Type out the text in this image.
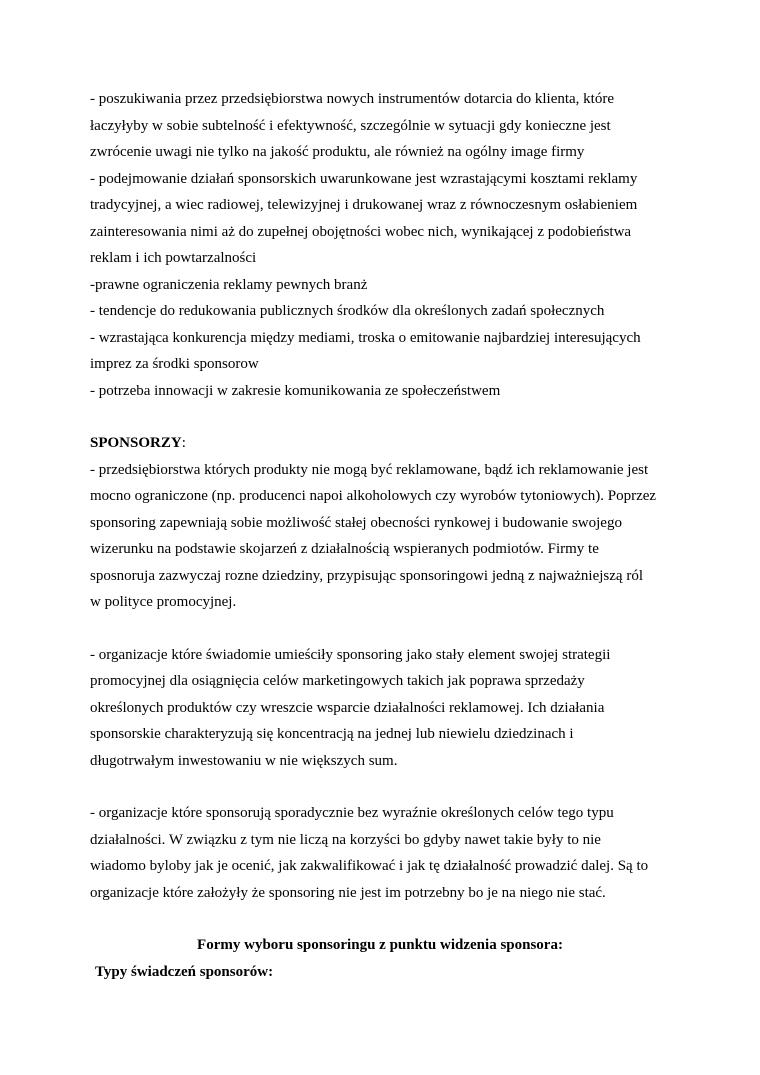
- poszukiwania przez przedsiębiorstwa nowych instrumentów dotarcia do klienta, które
łaczyłyby w sobie subtelność i efektywność, szczególnie w sytuacji gdy konieczne jest
zwrócenie uwagi nie tylko na jakość produktu, ale również na ogólny image firmy
- podejmowanie działań sponsorskich uwarunkowane jest wzrastającymi kosztami reklamy
tradycyjnej, a wiec radiowej, telewizyjnej i drukowanej wraz z równoczesnym osłabieniem
zainteresowania nimi aż do zupełnej obojętności wobec nich, wynikającej z podobieństwa
reklam i ich powtarzalności
-prawne ograniczenia reklamy pewnych branż
- tendencje do redukowania publicznych środków dla określonych zadań społecznych
- wzrastająca konkurencja między mediami, troska o emitowanie najbardziej interesujących
imprez za środki sponsorow
- potrzeba innowacji w zakresie komunikowania ze społeczeństwem
SPONSORZY:
- przedsiębiorstwa których produkty nie mogą być reklamowane, bądź ich reklamowanie jest
mocno ograniczone (np. producenci napoi alkoholowych czy wyrobów tytoniowych). Poprzez
sponsoring zapewniają sobie możliwość stałej obecności rynkowej i budowanie swojego
wizerunku na podstawie skojarzeń z działalnością wspieranych podmiotów. Firmy te
sposnoruja zazwyczaj rozne dziedziny, przypisując sponsoringowi jedną z najważniejszą ról
w polityce promocyjnej.
- organizacje które świadomie umieściły sponsoring jako stały element swojej strategii
promocyjnej dla osiągnięcia celów marketingowych takich jak poprawa sprzedaży
określonych produktów czy wreszcie wsparcie działalności reklamowej. Ich działania
sponsorskie charakteryzują się koncentracją na jednej lub niewielu dziedzinach i
długotrwałym inwestowaniu w nie większych sum.
- organizacje które sponsorują sporadycznie bez wyraźnie określonych celów tego typu
działalności. W związku z tym nie liczą na korzyści bo gdyby nawet takie były to nie
wiadomo byloby jak je ocenić, jak zakwalifikować i jak tę działalność prowadzić dalej. Są to
organizacje które założyły że sponsoring nie jest im potrzebny bo je na niego nie stać.
Formy wyboru sponsoringu z punktu widzenia sponsora:
Typy świadczeń sponsorów:
